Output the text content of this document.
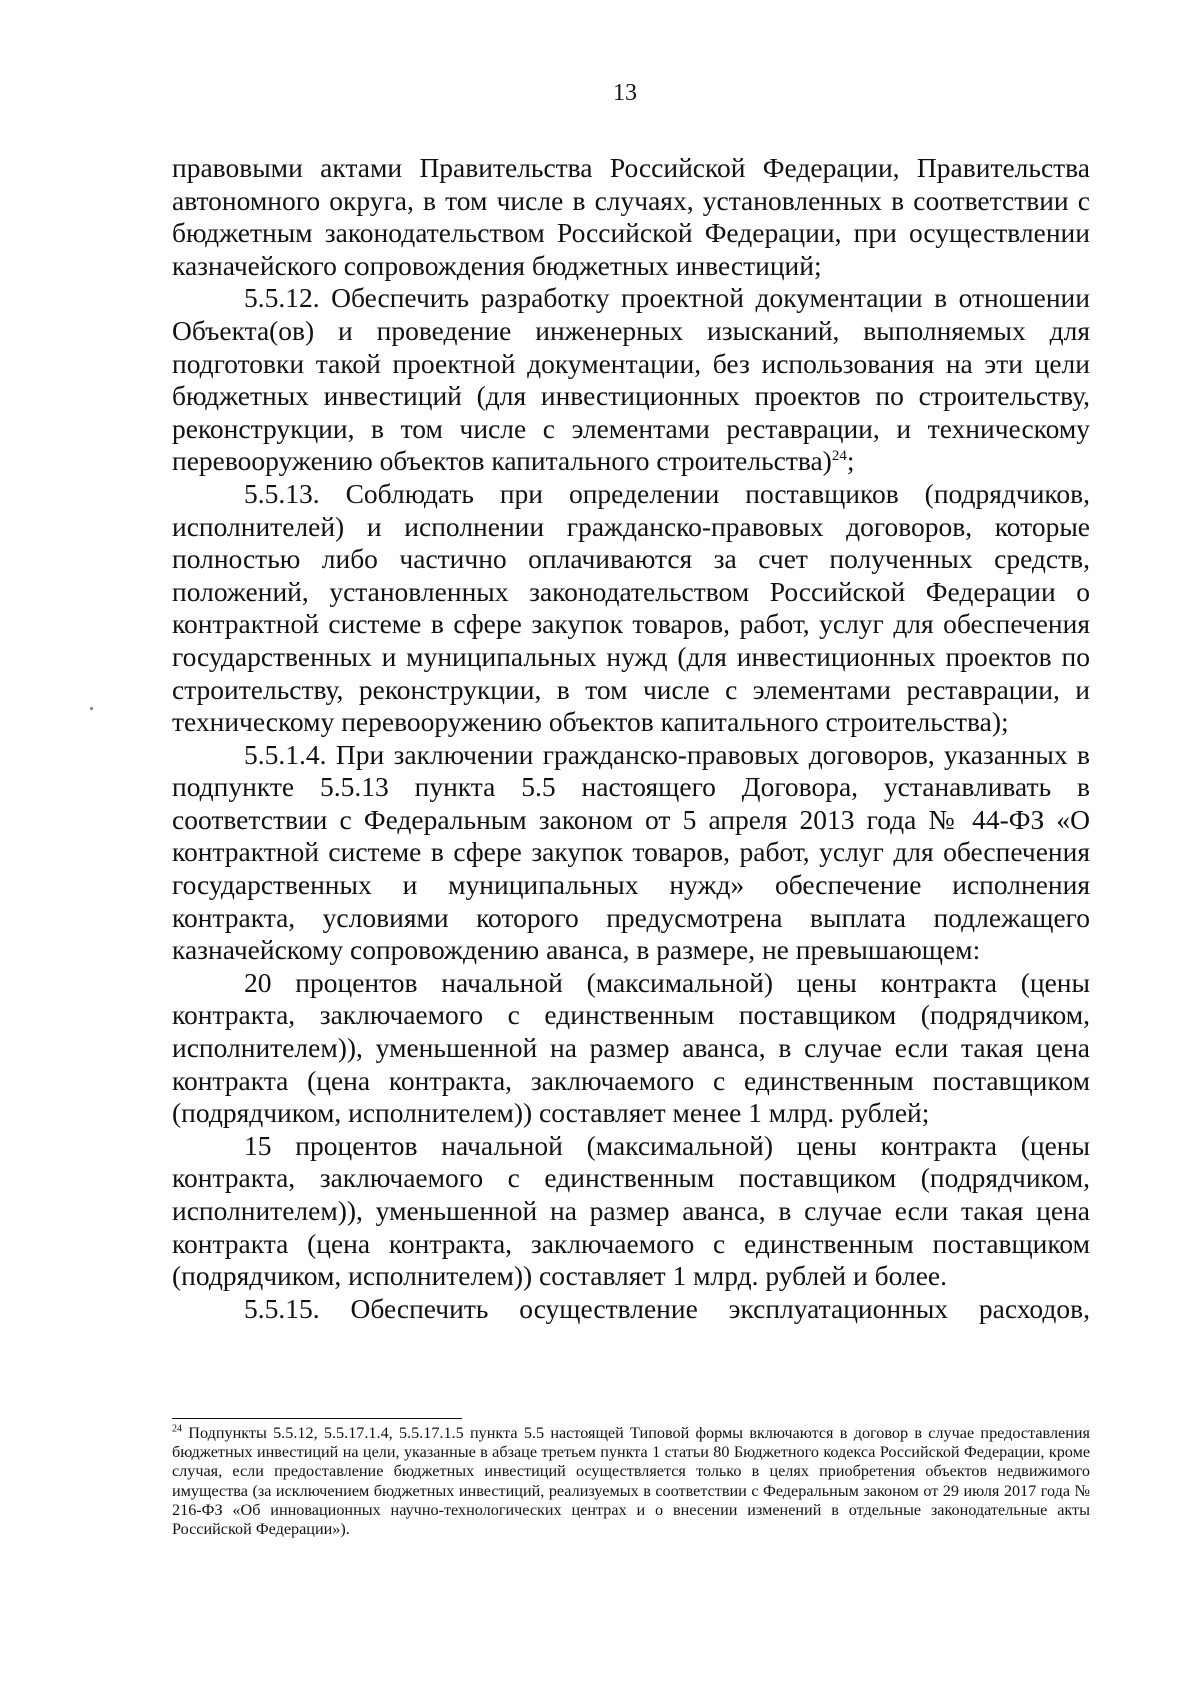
13

правовыми актами Правительства Российской Федерации, Правительства автономного округа, в том числе в случаях, установленных в соответствии с бюджетным законодательством Российской Федерации, при осуществлении казначейского сопровождения бюджетных инвестиций;

5.5.12. Обеспечить разработку проектной документации в отношении Объекта(ов) и проведение инженерных изысканий, выполняемых для подготовки такой проектной документации, без использования на эти цели бюджетных инвестиций (для инвестиционных проектов по строительству, реконструкции, в том числе с элементами реставрации, и техническому перевооружению объектов капитального строительства)$^{24}$;

5.5.13. Соблюдать при определении поставщиков (подрядчиков, исполнителей) и исполнении гражданско-правовых договоров, которые полностью либо частично оплачиваются за счет полученных средств, положений, установленных законодательством Российской Федерации о контрактной системе в сфере закупок товаров, работ, услуг для обеспечения государственных и муниципальных нужд (для инвестиционных проектов по строительству, реконструкции, в том числе с элементами реставрации, и техническому перевооружению объектов капитального строительства);

5.5.1.4. При заключении гражданско-правовых договоров, указанных в подпункте 5.5.13 пункта 5.5 настоящего Договора, устанавливать в соответствии с Федеральным законом от 5 апреля 2013 года № 44-ФЗ «О контрактной системе в сфере закупок товаров, работ, услуг для обеспечения государственных и муниципальных нужд» обеспечение исполнения контракта, условиями которого предусмотрена выплата подлежащего казначейскому сопровождению аванса, в размере, не превышающем:

20 процентов начальной (максимальной) цены контракта (цены контракта, заключаемого с единственным поставщиком (подрядчиком, исполнителем)), уменьшенной на размер аванса, в случае если такая цена контракта (цена контракта, заключаемого с единственным поставщиком (подрядчиком, исполнителем)) составляет менее 1 млрд. рублей;

15 процентов начальной (максимальной) цены контракта (цены контракта, заключаемого с единственным поставщиком (подрядчиком, исполнителем)), уменьшенной на размер аванса, в случае если такая цена контракта (цена контракта, заключаемого с единственным поставщиком (подрядчиком, исполнителем)) составляет 1 млрд. рублей и более.

5.5.15. Обеспечить осуществление эксплуатационных расходов,

$^{24}$ Подпункты 5.5.12, 5.5.17.1.4, 5.5.17.1.5 пункта 5.5 настоящей Типовой формы включаются в договор в случае предоставления бюджетных инвестиций на цели, указанные в абзаце третьем пункта 1 статьи 80 Бюджетного кодекса Российской Федерации, кроме случая, если предоставление бюджетных инвестиций осуществляется только в целях приобретения объектов недвижимого имущества (за исключением бюджетных инвестиций, реализуемых в соответствии с Федеральным законом от 29 июля 2017 года № 216-ФЗ «Об инновационных научно-технологических центрах и о внесении изменений в отдельные законодательные акты Российской Федерации»).
